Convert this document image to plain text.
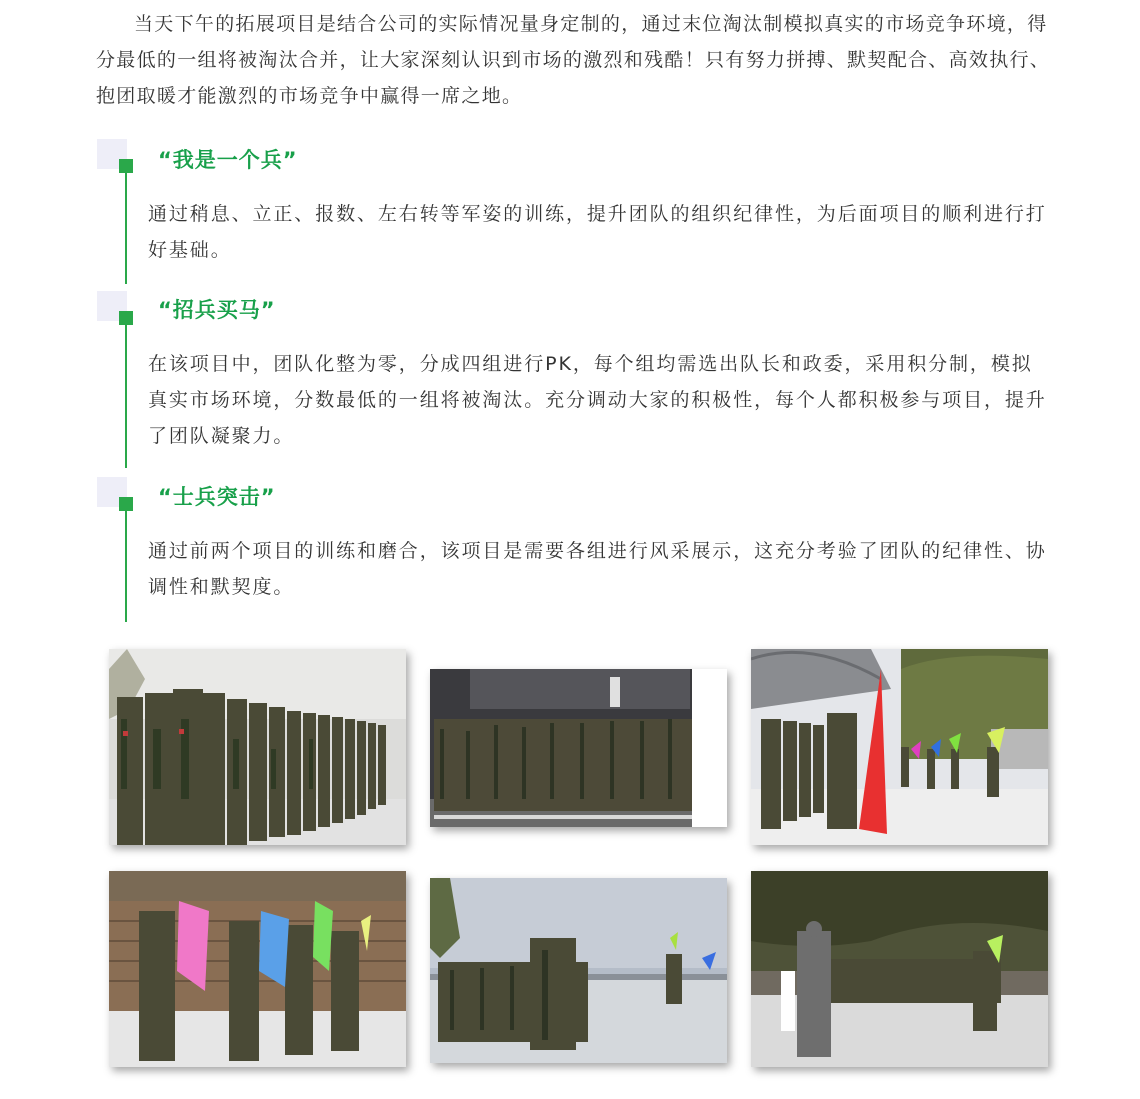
当天下午的拓展项目是结合公司的实际情况量身定制的，通过末位淘汰制模拟真实的市场竞争环境，得分最低的一组将被淘汰合并，让大家深刻认识到市场的激烈和残酷！只有努力拼搏、默契配合、高效执行、抱团取暖才能激烈的市场竞争中赢得一席之地。

“我是一个兵”

通过稍息、立正、报数、左右转等军姿的训练，提升团队的组织纪律性，为后面项目的顺利进行打好基础。

“招兵买马”

在该项目中，团队化整为零，分成四组进行PK，每个组均需选出队长和政委，采用积分制，模拟真实市场环境，分数最低的一组将被淘汰。充分调动大家的积极性，每个人都积极参与项目，提升了团队凝聚力。

“士兵突击”

通过前两个项目的训练和磨合，该项目是需要各组进行风采展示，这充分考验了团队的纪律性、协调性和默契度。
